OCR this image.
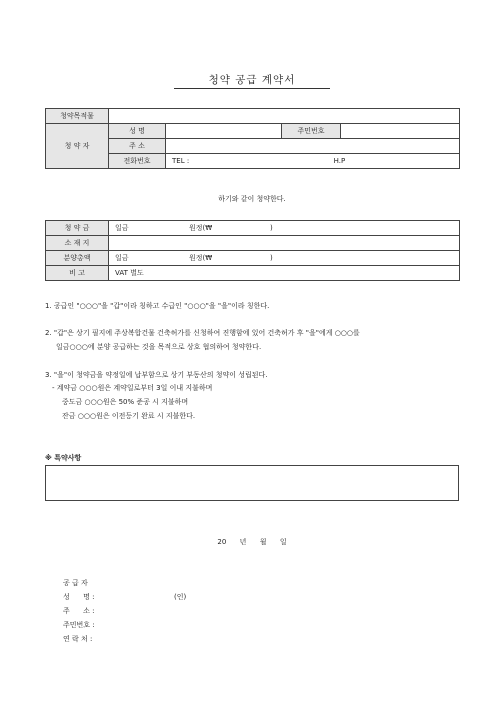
청약 공급 계약서
청약목적물				
청 약 자	성 명		주민번호	
	주 소			
	전화번호	TEL : H.P		
하기와 같이 청약한다.
청 약 금	일금 원정(₩                          )
소 재 지	
분양총액	일금 원정(₩                          )
비 고	VAT 별도
1. 공급인 "○○○"을 "갑"이라 칭하고 수급인 "○○○"을 "을"이라 칭한다.
2. "갑"은 상기 필지에 주상복합건물 건축허가를 신청하여 진행함에 있어 건축허가 후 "을"에게 ○○○를
일금○○○에 분양 공급하는 것을 목적으로 상호 협의하여 청약한다.
3. "을"이 청약금을 약정일에 납부함으로 상기 부동산의 청약이 성립된다.
- 계약금 ○○○원은 계약일로부터 3일 이내 지불하며
중도금 ○○○원은 50% 준공 시 지불하며
잔금 ○○○원은 이전등기 완료 시 지불한다.
※ 특약사항
20      년      월      일
공 급 자
성      명 :	(인)
주      소 :
주민번호 :
연 락 처 :
